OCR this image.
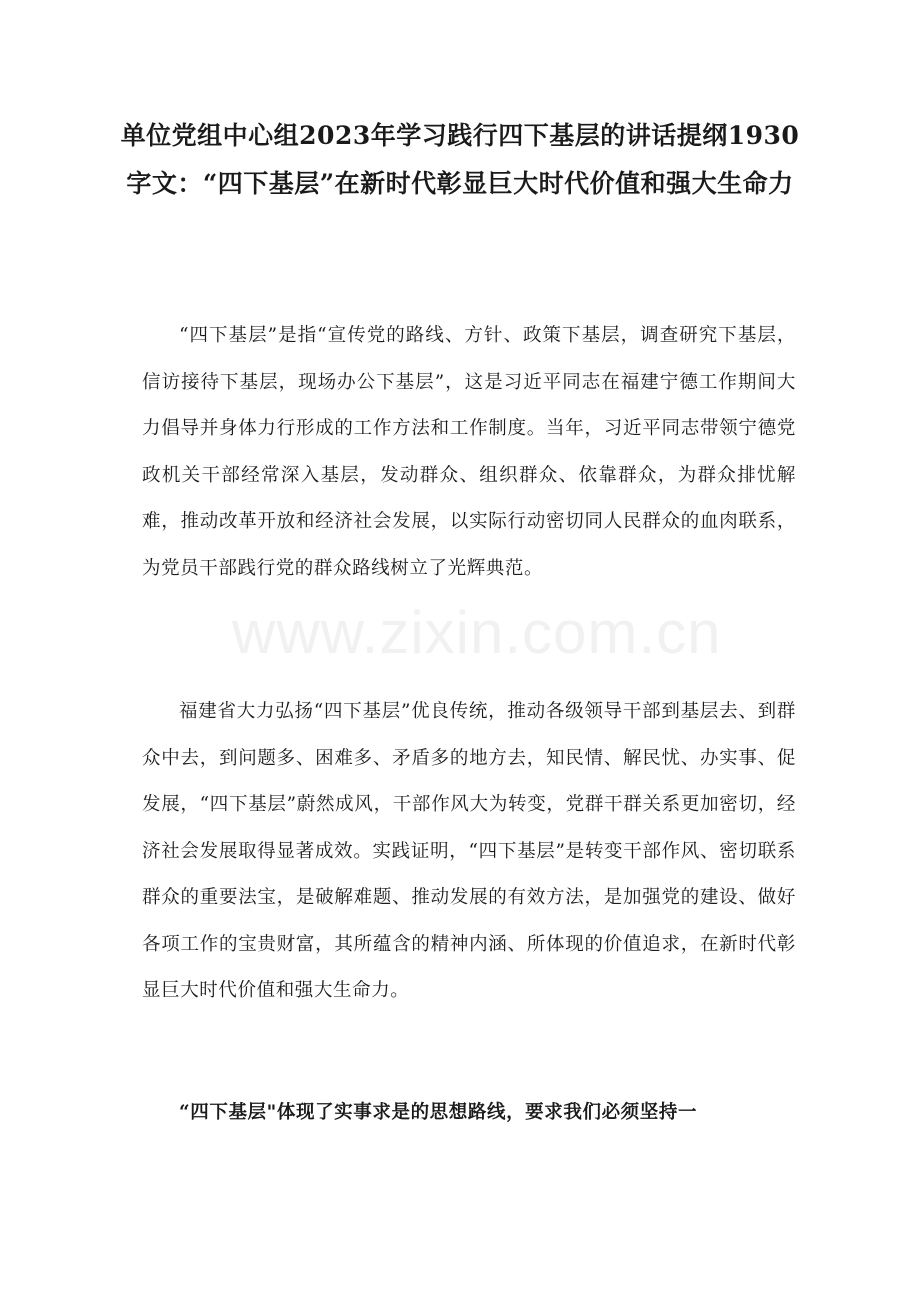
单位党组中心组2023年学习践行四下基层的讲话提纲1930字文：“四下基层”在新时代彰显巨大时代价值和强大生命力

“四下基层”是指“宣传党的路线、方针、政策下基层，调查研究下基层，信访接待下基层，现场办公下基层”，这是习近平同志在福建宁德工作期间大力倡导并身体力行形成的工作方法和工作制度。当年，习近平同志带领宁德党政机关干部经常深入基层，发动群众、组织群众、依靠群众，为群众排忧解难，推动改革开放和经济社会发展，以实际行动密切同人民群众的血肉联系，为党员干部践行党的群众路线树立了光辉典范。

www.zixin.com.cn

福建省大力弘扬“四下基层”优良传统，推动各级领导干部到基层去、到群众中去，到问题多、困难多、矛盾多的地方去，知民情、解民忧、办实事、促发展，“四下基层”蔚然成风，干部作风大为转变，党群干群关系更加密切，经济社会发展取得显著成效。实践证明，“四下基层”是转变干部作风、密切联系群众的重要法宝，是破解难题、推动发展的有效方法，是加强党的建设、做好各项工作的宝贵财富，其所蕴含的精神内涵、所体现的价值追求，在新时代彰显巨大时代价值和强大生命力。

“四下基层"体现了实事求是的思想路线，要求我们必须坚持一
